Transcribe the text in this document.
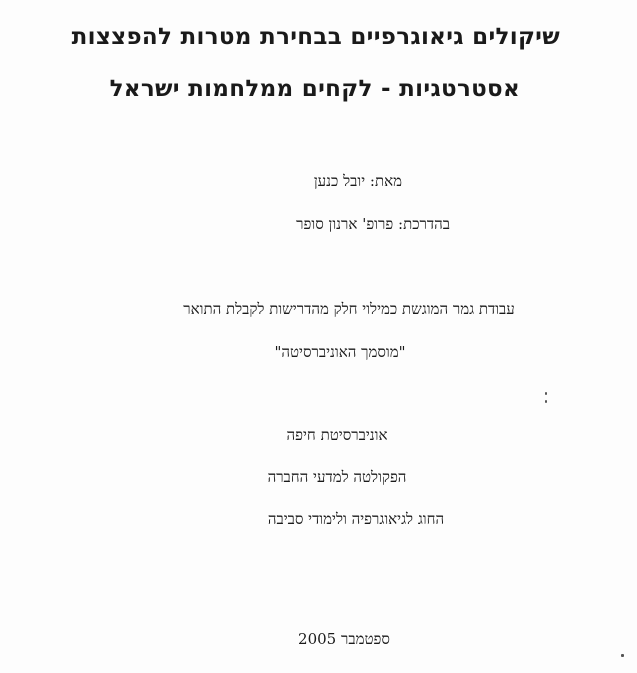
שיקולים גיאוגרפיים בבחירת מטרות להפצצות
אסטרטגיות - לקחים ממלחמות ישראל
מאת: יובל כנען
בהדרכת: פרופ' ארנון סופר
עבודת גמר המוגשת כמילוי חלק מהדרישות לקבלת התואר
"מוסמך האוניברסיטה"
אוניברסיטת חיפה
הפקולטה למדעי החברה
החוג לגיאוגרפיה ולימודי סביבה
ספטמבר 2005
